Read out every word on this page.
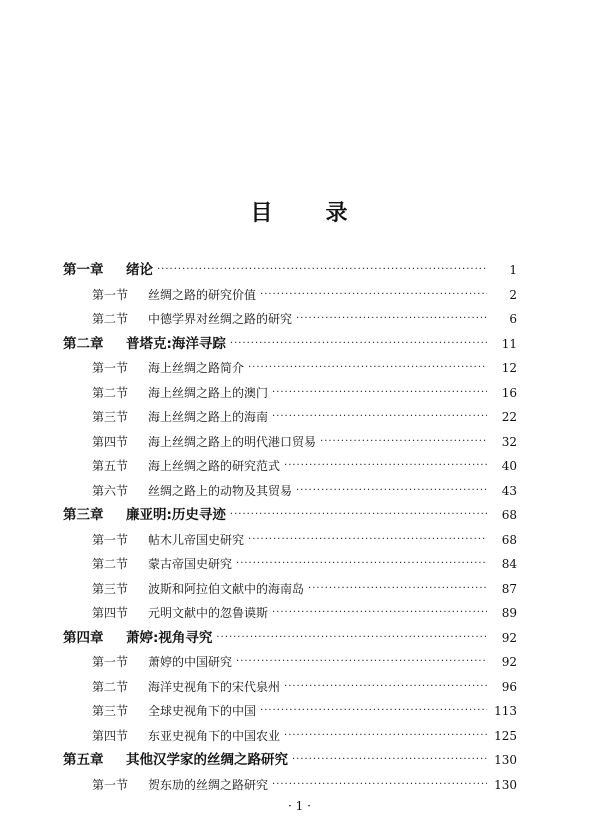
目 录
第一章	绪论 ·····	1
第一节	丝绸之路的研究价值 ·····	2
第二节	中德学界对丝绸之路的研究 ·····	6
第二章	普塔克:海洋寻踪 ·····	11
第一节	海上丝绸之路简介 ·····	12
第二节	海上丝绸之路上的澳门 ·····	16
第三节	海上丝绸之路上的海南 ·····	22
第四节	海上丝绸之路上的明代港口贸易 ·····	32
第五节	海上丝绸之路的研究范式 ·····	40
第六节	丝绸之路上的动物及其贸易 ·····	43
第三章	廉亚明:历史寻迹 ·····	68
第一节	帖木儿帝国史研究 ·····	68
第二节	蒙古帝国史研究 ·····	84
第三节	波斯和阿拉伯文献中的海南岛 ·····	87
第四节	元明文献中的忽鲁谟斯 ·····	89
第四章	萧婷:视角寻究 ·····	92
第一节	萧婷的中国研究 ·····	92
第二节	海洋史视角下的宋代泉州 ·····	96
第三节	全球史视角下的中国 ·····	113
第四节	东亚史视角下的中国农业 ·····	125
第五章	其他汉学家的丝绸之路研究 ·····	130
第一节	贺东劢的丝绸之路研究 ·····	130
· 1 ·
